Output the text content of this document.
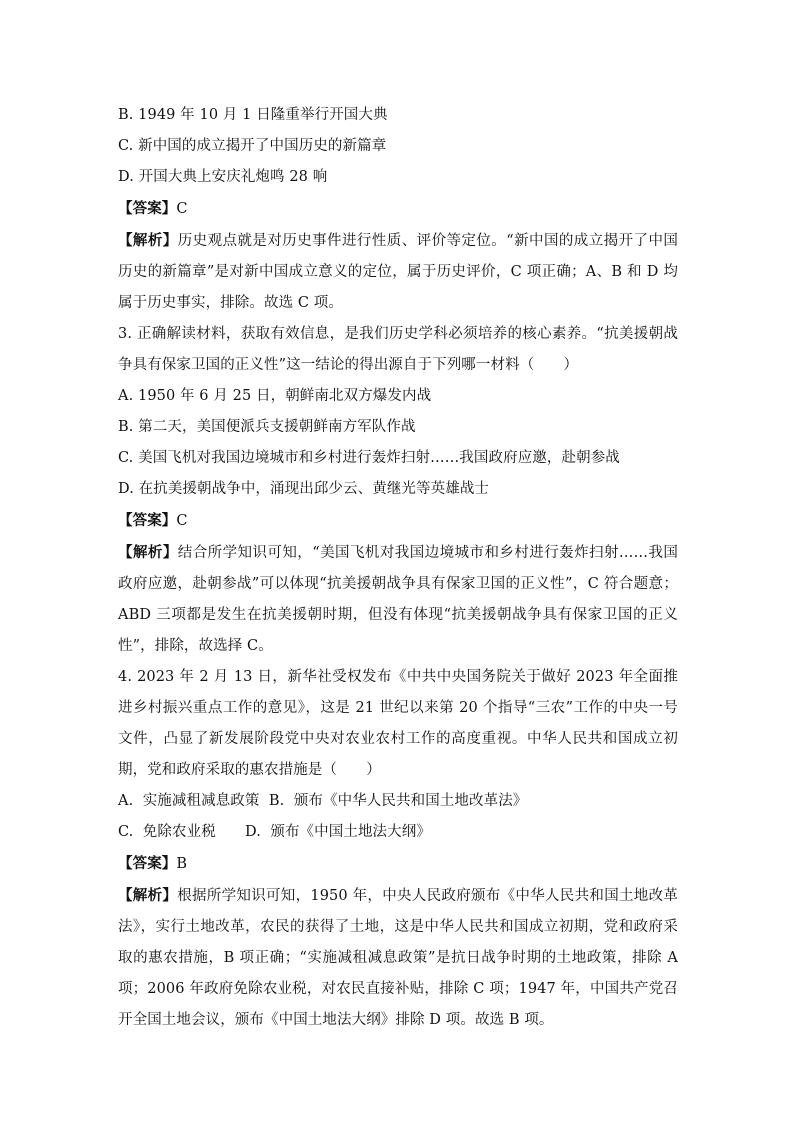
B. 1949 年 10 月 1 日隆重举行开国大典
C. 新中国的成立揭开了中国历史的新篇章
D. 开国大典上安庆礼炮鸣 28 响
【答案】C
【解析】历史观点就是对历史事件进行性质、评价等定位。“新中国的成立揭开了中国历史的新篇章”是对新中国成立意义的定位，属于历史评价，C 项正确；A、B 和 D 均属于历史事实，排除。故选 C 项。
3. 正确解读材料，获取有效信息，是我们历史学科必须培养的核心素养。“抗美援朝战争具有保家卫国的正义性”这一结论的得出源自于下列哪一材料（　　）
A. 1950 年 6 月 25 日，朝鲜南北双方爆发内战
B. 第二天，美国便派兵支援朝鲜南方军队作战
C. 美国飞机对我国边境城市和乡村进行轰炸扫射……我国政府应邀，赴朝参战
D. 在抗美援朝战争中，涌现出邱少云、黄继光等英雄战士
【答案】C
【解析】结合所学知识可知，“美国飞机对我国边境城市和乡村进行轰炸扫射……我国政府应邀，赴朝参战”可以体现“抗美援朝战争具有保家卫国的正义性”，C 符合题意；ABD 三项都是发生在抗美援朝时期，但没有体现“抗美援朝战争具有保家卫国的正义性”，排除，故选择 C。
4. 2023 年 2 月 13 日，新华社受权发布《中共中央国务院关于做好 2023 年全面推进乡村振兴重点工作的意见》，这是 21 世纪以来第 20 个指导“三农”工作的中央一号文件，凸显了新发展阶段党中央对农业农村工作的高度重视。中华人民共和国成立初期，党和政府采取的惠农措施是（　　）
A.  实施减租减息政策  B.  颁布《中华人民共和国土地改革法》
C.  免除农业税　　D.  颁布《中国土地法大纲》
【答案】B
【解析】根据所学知识可知，1950 年，中央人民政府颁布《中华人民共和国土地改革法》，实行土地改革，农民的获得了土地，这是中华人民共和国成立初期，党和政府采取的惠农措施，B 项正确；“实施减租减息政策”是抗日战争时期的土地政策，排除 A 项；2006 年政府免除农业税，对农民直接补贴，排除 C 项；1947 年，中国共产党召开全国土地会议，颁布《中国土地法大纲》排除 D 项。故选 B 项。
